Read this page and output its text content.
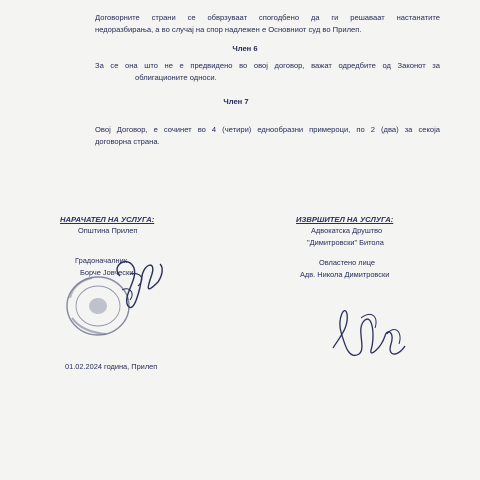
Договорните страни се обврзуваат спогодбено да ги решаваат настанатите
недоразбирања, а во случај на спор надлежен е Основниот суд во Прилеп.
Член 6
За се она што не е предвидено во овој договор, важат одредбите од Законот за
облигационите односи.
Член 7
Овој Договор, е сочинет во 4 (четири) еднообразни примероци, по 2 (два) за секоја
договорна страна.
НАРАЧАТЕЛ НА УСЛУГА:
Општина Прилеп
Градоначалник
Борче Јовчески
ИЗВРШИТЕЛ НА УСЛУГА:
Адвокатска Друштво
"Димитровски" Битола
Овластено лице
Адв. Никола Димитровски
01.02.2024 година, Прилеп
